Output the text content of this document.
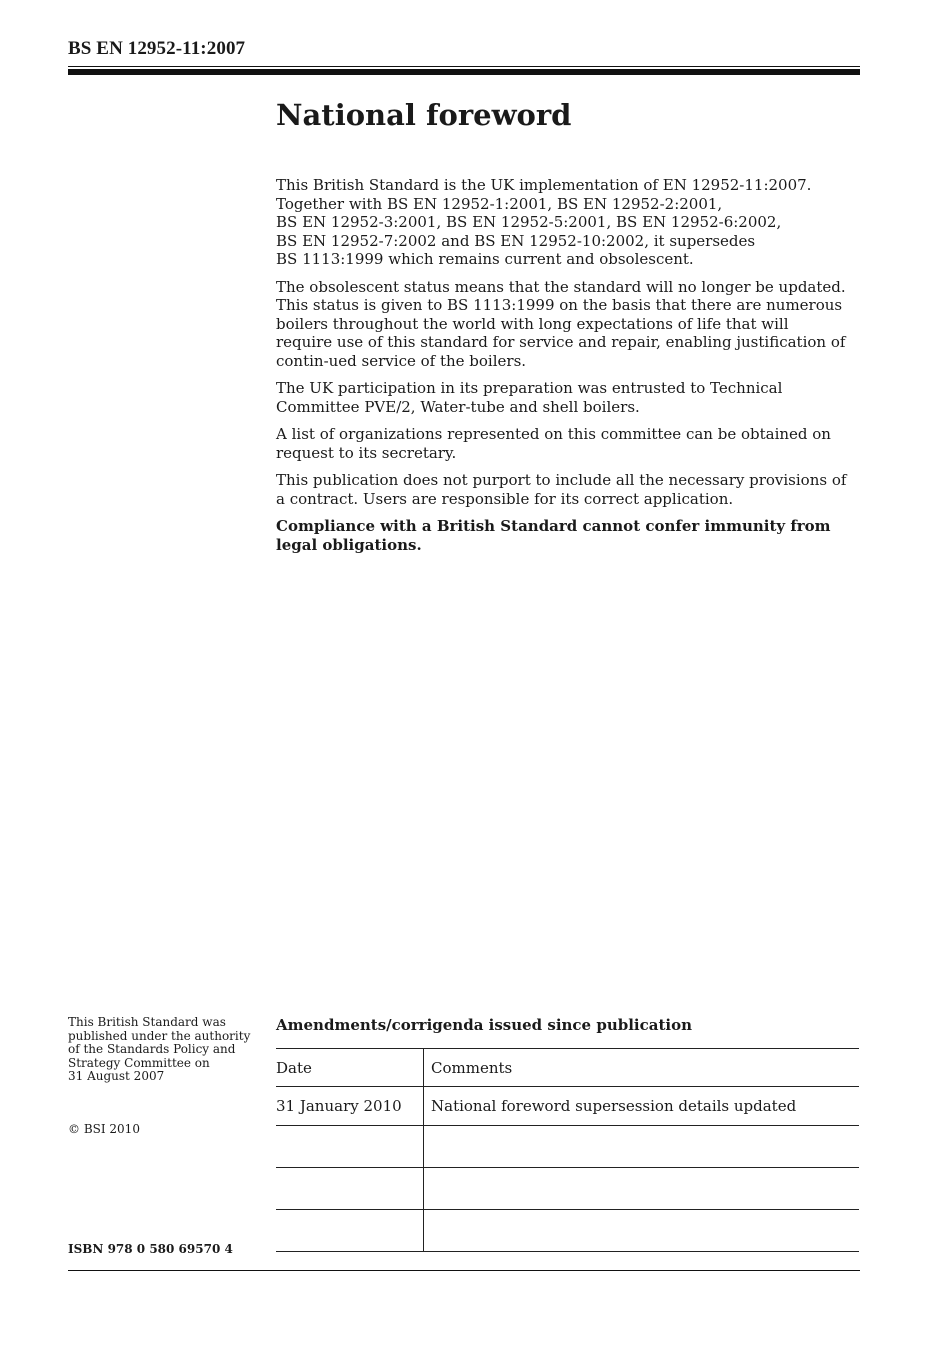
BS EN 12952-11:2007
National foreword

This British Standard is the UK implementation of EN 12952-11:2007.
Together with BS EN 12952-1:2001, BS EN 12952-2:2001,
BS EN 12952-3:2001, BS EN 12952-5:2001, BS EN 12952-6:2002,
BS EN 12952-7:2002 and BS EN 12952-10:2002, it supersedes
BS 1113:1999 which remains current and obsolescent.

The obsolescent status means that the standard will no longer be updated. This status is given to BS 1113:1999 on the basis that there are numerous boilers throughout the world with long expectations of life that will require use of this standard for service and repair, enabling justification of contin-ued service of the boilers.

The UK participation in its preparation was entrusted to Technical Committee PVE/2, Water-tube and shell boilers.

A list of organizations represented on this committee can be obtained on request to its secretary.

This publication does not purport to include all the necessary provisions of a contract. Users are responsible for its correct application.

Compliance with a British Standard cannot confer immunity from legal obligations.

This British Standard was
published under the authority
of the Standards Policy and
Strategy Committee on
31 August 2007
© BSI 2010
ISBN 978 0 580 69570 4
Amendments/corrigenda issued since publication
Date	Comments
31 January 2010	National foreword supersession details updated
